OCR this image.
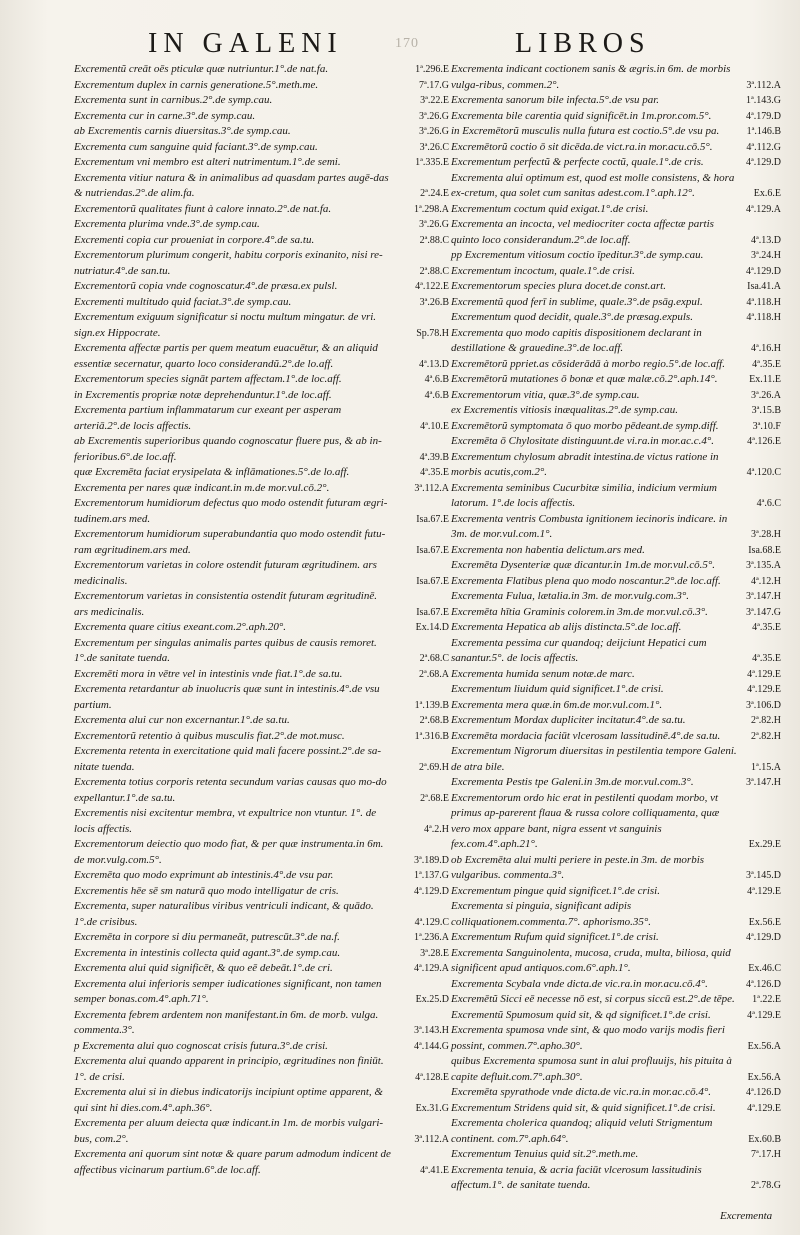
IN GALENI	170	LIBROS
Excrementũ creāt oēs pticulæ quæ nutriuntur.1°.de nat.fa.	1ª.296.E
Excrementum duplex in carnis generatione.5°.meth.me.	7ª.17.G
Excrementa sunt in carnibus.2°.de symp.cau.	3ª.22.E
Excrementa cur in carne.3°.de symp.cau.	3ª.26.G
ab Excrementis carnis diuersitas.3°.de symp.cau.	3ª.26.G
Excrementa cum sanguine quid faciant.3°.de symp.cau.	3ª.26.C
Excrementum vni membro est alteri nutrimentum.1°.de semi.	1ª.335.E
Excrementa vitiur natura & in animalibus ad quasdam partes augē-das & nutriendas.2°.de alim.fa.	2ª.24.E
Excrementorũ qualitates fiunt à calore innato.2°.de nat.fa.	1ª.298.A
Excrementa plurima vnde.3°.de symp.cau.	3ª.26.G
Excrementi copia cur proueniat in corpore.4°.de sa.tu.	2ª.88.C
Excrementorum plurimum congerit, habitu corporis exinanito, nisi re-nutriatur.4°.de san.tu.	2ª.88.C
Excrementorũ copia vnde cognoscatur.4°.de præsa.ex pulsl.	4ª.122.E
Excrementi multitudo quid faciat.3°.de symp.cau.	3ª.26.B
Excrementum exiguum significatur si noctu multum mingatur. de vri. sign.ex Hippocrate.	Sp.78.H
Excrementa affectæ partis per quem meatum euacuētur, & an aliquid essentiæ secernatur, quarto loco considerandũ.2°.de lo.aff.	4ª.13.D
Excrementorum species signāt partem affectam.1°.de loc.aff.	4ª.6.B
in Excrementis propriæ notæ deprehenduntur.1°.de loc.aff.	4ª.6.B
Excrementa partium inflammatarum cur exeant per asperam arteriā.2°.de locis affectis.	4ª.10.E
ab Excrementis superioribus quando cognoscatur fluere pus, & ab in-ferioribus.6°.de loc.aff.	4ª.39.B
quæ Excremēta faciat erysipelata & inflāmationes.5°.de lo.aff.	4ª.35.E
Excrementa per nares quæ indicant.in m.de mor.vul.cō.2°.	3ª.112.A
Excrementorum humidiorum defectus quo modo ostendit futuram ægri-tudinem.ars med.	Isa.67.E
Excrementorum humidiorum superabundantia quo modo ostendit futu-ram ægritudinem.ars med.	Isa.67.E
Excrementorum varietas in colore ostendit futuram ægritudinem. ars medicinalis.	Isa.67.E
Excrementorum varietas in consistentia ostendit futuram ægritudinē. ars medicinalis.	Isa.67.E
Excrementa quare citius exeant.com.2°.aph.20°.	Ex.14.D
Excrementum per singulas animalis partes quibus de causis remoret. 1°.de sanitate tuenda.	2ª.68.C
Excremēti mora in vētre vel in intestinis vnde fiat.1°.de sa.tu.	2ª.68.A
Excrementa retardantur ab inuolucris quæ sunt in intestinis.4°.de vsu partium.	1ª.139.B
Excrementa alui cur non excernantur.1°.de sa.tu.	2ª.68.B
Excrementorũ retentio à quibus musculis fiat.2°.de mot.musc.	1ª.316.B
Excrementa retenta in exercitatione quid mali facere possint.2°.de sa-nitate tuenda.	2ª.69.H
Excrementa totius corporis retenta secundum varias causas quo mo-do expellantur.1°.de sa.tu.	2ª.68.E
Excrementis nisi excitentur membra, vt expultrice non vtuntur. 1°. de locis affectis.	4ª.2.H
Excrementorum deiectio quo modo fiat, & per quæ instrumenta.in 6m. de mor.vulg.com.5°.	3ª.189.D
Excremēta quo modo exprimunt ab intestinis.4°.de vsu par.	1ª.137.G
Excrementis hēe sē sm naturā quo modo intelligatur de cris.	4ª.129.D
Excrementa, super naturalibus viribus ventriculi indicant, & quādo. 1°.de crisibus.	4ª.129.C
Excremēta in corpore si diu permaneāt, putrescūt.3°.de na.f.	1ª.236.A
Excrementa in intestinis collecta quid agant.3°.de symp.cau.	3ª.28.E
Excrementa alui quid significēt, & quo eē debeāt.1°.de cri.	4ª.129.A
Excrementa alui inferioris semper iudicationes significant, non tamen semper bonas.com.4°.aph.71°.	Ex.25.D
Excrementa febrem ardentem non manifestant.in 6m. de morb. vulga. commenta.3°.	3ª.143.H
p Excrementa alui quo cognoscat crisis futura.3°.de crisi.	4ª.144.G
Excrementa alui quando apparent in principio, ægritudines non finiūt. 1°. de crisi.	4ª.128.E
Excrementa alui si in diebus indicatorijs incipiunt optime apparent, & qui sint hi dies.com.4°.aph.36°.	Ex.31.G
Excrementa per aluum deiecta quæ indicant.in 1m. de morbis vulgari-bus, com.2°.	3ª.112.A
Excrementa ani quorum sint notæ & quare parum admodum indicent de affectibus vicinarum partium.6°.de loc.aff.	4ª.41.E
Excrementa indicant coctionem sanis & ægris.in 6m. de morbis vulga-ribus, commen.2°.	3ª.112.A
Excrementa sanorum bile infecta.5°.de vsu par.	1ª.143.G
Excrementa bile carentia quid significēt.in 1m.pror.com.5°.	4ª.179.D
in Excremētorũ musculis nulla futura est coctio.5°.de vsu pa.	1ª.146.B
Excremētorũ coctio ō sit dicēda.de vict.ra.in mor.acu.cō.5°.	4ª.112.G
Excrementum perfectũ & perfecte coctũ, quale.1°.de cris.	4ª.129.D
Excrementa alui optimum est, quod est molle consistens, & hora ex-cretum, qua solet cum sanitas adest.com.1°.aph.12°.	Ex.6.E
Excrementum coctum quid exigat.1°.de crisi.	4ª.129.A
Excrementa an incocta, vel mediocriter cocta affectæ partis quinto loco considerandum.2°.de loc.aff.	4ª.13.D
pp Excrementum vitiosum coctio īpeditur.3°.de symp.cau.	3ª.24.H
Excrementum incoctum, quale.1°.de crisi.	4ª.129.D
Excrementorum species plura docet.de const.art.	Isa.41.A
Excrementũ quod ferī in sublime, quale.3°.de psāg.expul.	4ª.118.H
Excrementum quod decidit, quale.3°.de præsag.expuls.	4ª.118.H
Excrementa quo modo capitis dispositionem declarant in destillatione & grauedine.3°.de loc.aff.	4ª.16.H
Excremētorũ ppriet.as cōsiderādā à morbo regio.5°.de loc.aff.	4ª.35.E
Excremētorũ mutationes ō bonæ et quæ malæ.cō.2°.aph.14°.	Ex.11.E
Excrementorum vitia, quæ.3°.de symp.cau.	3ª.26.A
ex Excrementis vitiosis inæqualitas.2°.de symp.cau.	3ª.15.B
Excremētorũ symptomata ō quo morbo pēdeant.de symp.diff.	3ª.10.F
Excremēta ō Chylositate distinguunt.de vi.ra.in mor.ac.c.4°.	4ª.126.E
Excrementum chylosum abradit intestina.de victus ratione in morbis acutis,com.2°.	4ª.120.C
Excrementa seminibus Cucurbitæ similia, indicium vermium latorum. 1°.de locis affectis.	4ª.6.C
Excrementa ventris Combusta ignitionem iecinoris indicare. in 3m. de mor.vul.com.1°.	3ª.28.H
Excrementa non habentia delictum.ars med.	Isa.68.E
Excremēta Dysenteriæ quæ dicantur.in 1m.de mor.vul.cō.5°.	3ª.135.A
Excrementa Flatibus plena quo modo noscantur.2°.de loc.aff.	4ª.12.H
Excrementa Fulua, lætalia.in 3m. de mor.vulg.com.3°.	3ª.147.H
Excremēta hītia Graminis colorem.in 3m.de mor.vul.cō.3°.	3ª.147.G
Excrementa Hepatica ab alijs distincta.5°.de loc.aff.	4ª.35.E
Excrementa pessima cur quandoq; deijciunt Hepatici cum sanantur.5°. de locis affectis.	4ª.35.E
Excrementa humida senum notæ.de marc.	4ª.129.E
Excrementum liuidum quid significet.1°.de crisi.	4ª.129.E
Excrementa mera quæ.in 6m.de mor.vul.com.1°.	3ª.106.D
Excrementum Mordax dupliciter incitatur.4°.de sa.tu.	2ª.82.H
Excremēta mordacia faciūt vlcerosam lassitudinē.4°.de sa.tu.	2ª.82.H
Excrementum Nigrorum diuersitas in pestilentia tempore Galeni. de atra bile.	1ª.15.A
Excrementa Pestis tpe Galeni.in 3m.de mor.vul.com.3°.	3ª.147.H
Excrementorum ordo hic erat in pestilenti quodam morbo, vt primus ap-parerent flaua & russa colore colliquamenta, quæ vero mox appare bant, nigra essent vt sanguinis fex.com.4°.aph.21°.	Ex.29.E
ob Excremēta alui multi periere in peste.in 3m. de morbis vulgaribus. commenta.3°.	3ª.145.D
Excrementum pingue quid significet.1°.de crisi.	4ª.129.E
Excrementa si pinguia, significant adipis colliquationem.commenta.7°. aphorismo.35°.	Ex.56.E
Excrementum Rufum quid significet.1°.de crisi.	4ª.129.D
Excrementa Sanguinolenta, mucosa, cruda, multa, biliosa, quid significent apud antiquos.com.6°.aph.1°.	Ex.46.C
Excrementa Scybala vnde dicta.de vic.ra.in mor.acu.cō.4°.	4ª.126.D
Excremētũ Sicci eē necesse nō est, si corpus siccū est.2°.de tēpe.	1ª.22.E
Excrementũ Spumosum quid sit, & qd significet.1°.de crisi.	4ª.129.E
Excrementa spumosa vnde sint, & quo modo varijs modis fieri possint, commen.7°.apho.30°.	Ex.56.A
quibus Excrementa spumosa sunt in alui profluuijs, his pituita à capite defluit.com.7°.aph.30°.	Ex.56.A
Excremēta spyrathode vnde dicta.de vic.ra.in mor.ac.cō.4°.	4ª.126.D
Excrementum Stridens quid sit, & quid significet.1°.de crisi.	4ª.129.E
Excrementa cholerica quandoq; aliquid veluti Strigmentum continent. com.7°.aph.64°.	Ex.60.B
Excrementum Tenuius quid sit.2°.meth.me.	7ª.17.H
Excrementa tenuia, & acria faciūt vlcerosum lassitudinis affectum.1°. de sanitate tuenda.	2ª.78.G
Excrementa
